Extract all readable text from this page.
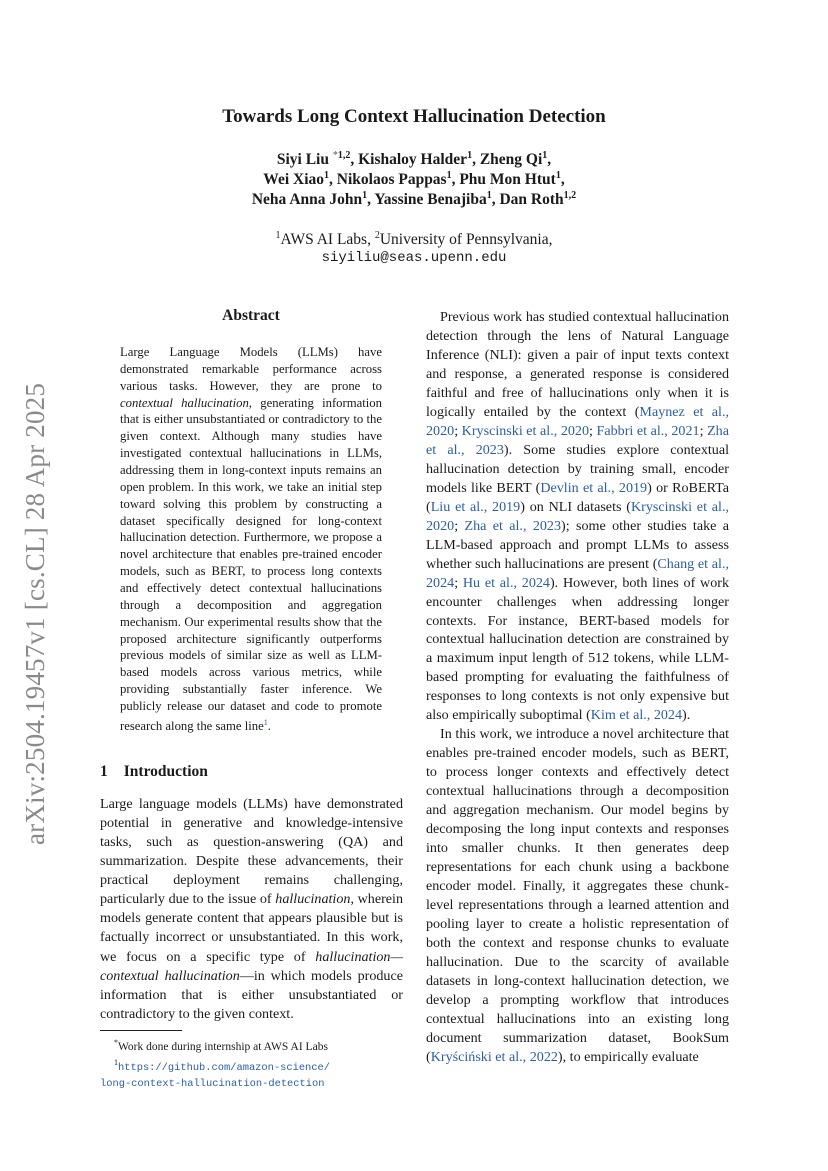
arXiv:2504.19457v1 [cs.CL] 28 Apr 2025
Towards Long Context Hallucination Detection
Siyi Liu $^{*1,2}$, Kishaloy Halder$^1$, Zheng Qi$^1$,
Wei Xiao$^1$, Nikolaos Pappas$^1$, Phu Mon Htut$^1$,
Neha Anna John$^1$, Yassine Benajiba$^1$, Dan Roth$^{1,2}$
$^1$AWS AI Labs, $^2$University of Pennsylvania,
siyiliu@seas.upenn.edu
Abstract
Large Language Models (LLMs) have demonstrated remarkable performance across various tasks. However, they are prone to contextual hallucination, generating information that is either unsubstantiated or contradictory to the given context. Although many studies have investigated contextual hallucinations in LLMs, addressing them in long-context inputs remains an open problem. In this work, we take an initial step toward solving this problem by constructing a dataset specifically designed for long-context hallucination detection. Furthermore, we propose a novel architecture that enables pre-trained encoder models, such as BERT, to process long contexts and effectively detect contextual hallucinations through a decomposition and aggregation mechanism. Our experimental results show that the proposed architecture significantly outperforms previous models of similar size as well as LLM-based models across various metrics, while providing substantially faster inference. We publicly release our dataset and code to promote research along the same line$^1$.
1 Introduction
Large language models (LLMs) have demonstrated potential in generative and knowledge-intensive tasks, such as question-answering (QA) and summarization. Despite these advancements, their practical deployment remains challenging, particularly due to the issue of hallucination, wherein models generate content that appears plausible but is factually incorrect or unsubstantiated. In this work, we focus on a specific type of hallucination—contextual hallucination—in which models produce information that is either unsubstantiated or contradictory to the given context.
*Work done during internship at AWS AI Labs
$^1$https://github.com/amazon-science/
long-context-hallucination-detection

Previous work has studied contextual hallucination detection through the lens of Natural Language Inference (NLI): given a pair of input texts context and response, a generated response is considered faithful and free of hallucinations only when it is logically entailed by the context (Maynez et al., 2020; Kryscinski et al., 2020; Fabbri et al., 2021; Zha et al., 2023). Some studies explore contextual hallucination detection by training small, encoder models like BERT (Devlin et al., 2019) or RoBERTa (Liu et al., 2019) on NLI datasets (Kryscinski et al., 2020; Zha et al., 2023); some other studies take a LLM-based approach and prompt LLMs to assess whether such hallucinations are present (Chang et al., 2024; Hu et al., 2024). However, both lines of work encounter challenges when addressing longer contexts. For instance, BERT-based models for contextual hallucination detection are constrained by a maximum input length of 512 tokens, while LLM-based prompting for evaluating the faithfulness of responses to long contexts is not only expensive but also empirically suboptimal (Kim et al., 2024).

In this work, we introduce a novel architecture that enables pre-trained encoder models, such as BERT, to process longer contexts and effectively detect contextual hallucinations through a decomposition and aggregation mechanism. Our model begins by decomposing the long input contexts and responses into smaller chunks. It then generates deep representations for each chunk using a backbone encoder model. Finally, it aggregates these chunk-level representations through a learned attention and pooling layer to create a holistic representation of both the context and response chunks to evaluate hallucination. Due to the scarcity of available datasets in long-context hallucination detection, we develop a prompting workflow that introduces contextual hallucinations into an existing long document summarization dataset, BookSum (Kryściński et al., 2022), to empirically evaluate
